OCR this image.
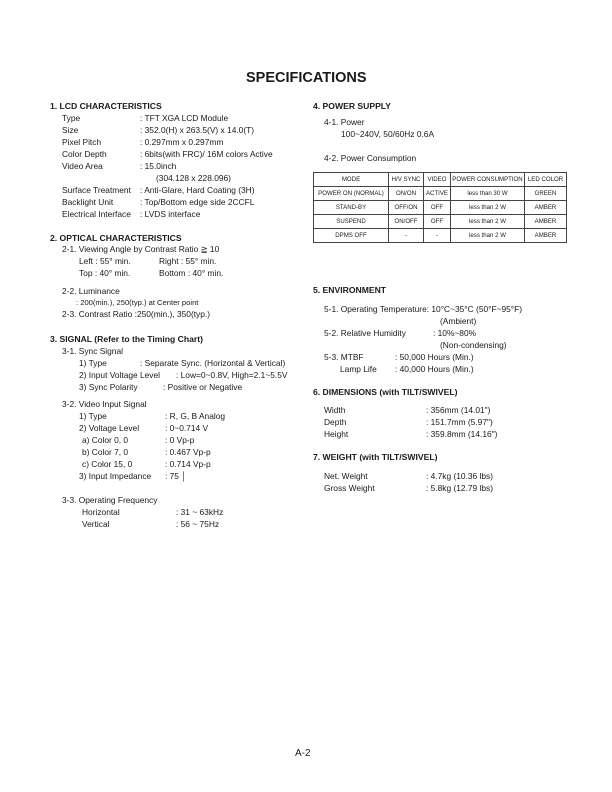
SPECIFICATIONS
1. LCD CHARACTERISTICS
Type	: TFT XGA LCD Module
Size	: 352.0(H) x 263.5(V) x 14.0(T)
Pixel Pitch	: 0.297mm x 0.297mm
Color Depth	: 6bits(with FRC)/ 16M colors Active
Video Area	: 15.0inch
(304.128 x 228.096)
Surface Treatment : Anti-Glare, Hard Coating (3H)
Backlight Unit	: Top/Bottom edge side 2CCFL
Electrical Interface : LVDS interface
2. OPTICAL CHARACTERISTICS
2-1. Viewing Angle by Contrast Ratio ≧ 10
Left : 55° min.	Right : 55° min.
Top : 40° min.	Bottom : 40° min.
2-2. Luminance
: 200(min.), 250(typ.) at Center point
2-3. Contrast Ratio :250(min.), 350(typ.)
3. SIGNAL (Refer to the Timing Chart)
3-1. Sync Signal
1) Type	: Separate Sync. (Horizontal & Vertical)
2) Input Voltage Level : Low=0~0.8V, High=2.1~5.5V
3) Sync Polarity	: Positive or Negative
3-2. Video Input Signal
1) Type	: R, G, B Analog
2) Voltage Level	: 0~0.714 V
a) Color 0, 0	: 0 Vp-p
b) Color 7, 0	: 0.467 Vp-p
c) Color 15, 0	: 0.714 Vp-p
3) Input Impedance : 75 │
3-3. Operating Frequency
Horizontal	: 31 ~ 63kHz
Vertical	: 56 ~ 75Hz
4. POWER SUPPLY
4-1. Power
100~240V, 50/60Hz 0.6A
4-2. Power Consumption
MODE	H/V SYNC	VIDEO	POWER CONSUMPTION	LED COLOR
POWER ON (NORMAL)	ON/ON	ACTIVE	less than 30 W	GREEN
STAND-BY	OFF/ON	OFF	less than 2 W	AMBER
SUSPEND	ON/OFF	OFF	less than 2 W	AMBER
DPMS OFF	-	-	less than 2 W	AMBER
5. ENVIRONMENT
5-1. Operating Temperature: 10°C~35°C (50°F~95°F)
(Ambient)
5-2. Relative Humidity	: 10%~80%
(Non-condensing)
5-3. MTBF	: 50,000 Hours (Min.)
Lamp Life : 40,000 Hours (Min.)
6. DIMENSIONS (with TILT/SWIVEL)
Width	: 356mm (14.01")
Depth	: 151.7mm (5.97")
Height	: 359.8mm (14.16")
7. WEIGHT (with TILT/SWIVEL)
Net. Weight	: 4.7kg (10.36 lbs)
Gross Weight	: 5.8kg (12.79 lbs)
A-2
